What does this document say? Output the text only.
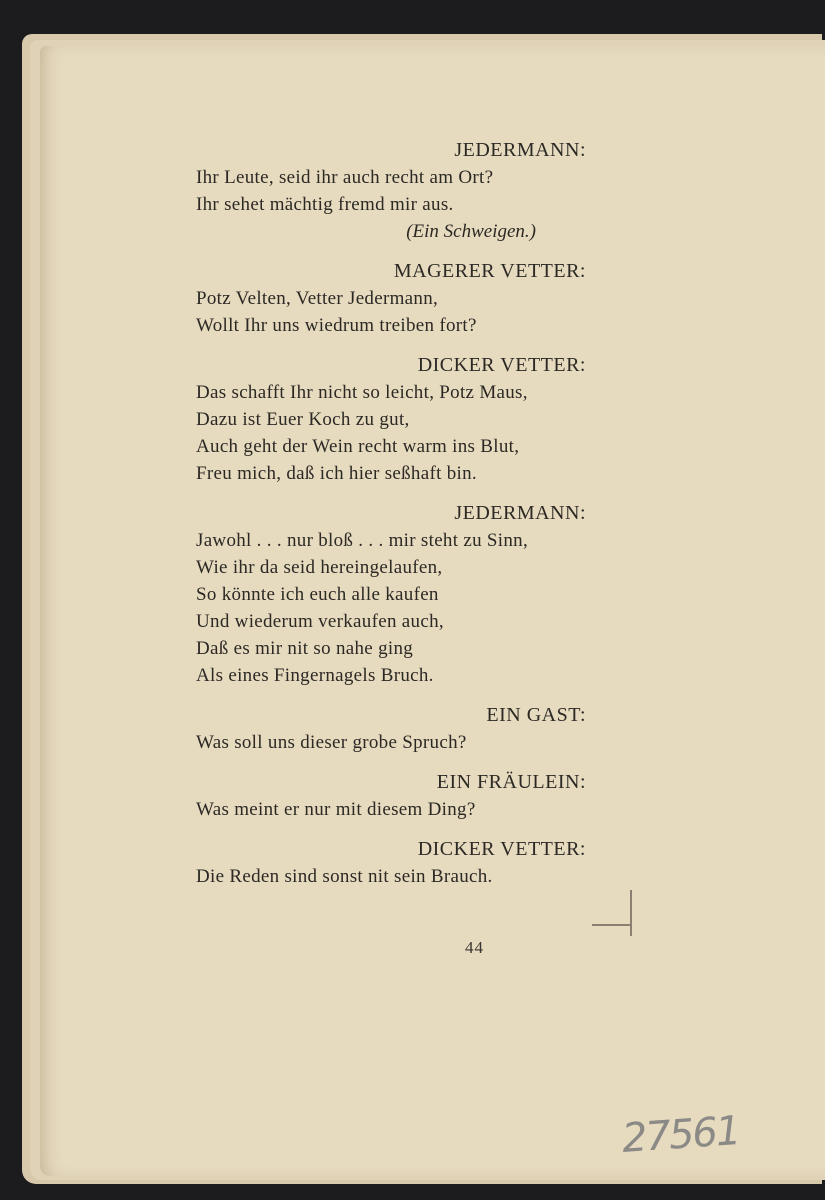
JEDERMANN:
Ihr Leute, seid ihr auch recht am Ort?
Ihr sehet mächtig fremd mir aus.
(Ein Schweigen.)
MAGERER VETTER:
Potz Velten, Vetter Jedermann,
Wollt Ihr uns wiedrum treiben fort?
DICKER VETTER:
Das schafft Ihr nicht so leicht, Potz Maus,
Dazu ist Euer Koch zu gut,
Auch geht der Wein recht warm ins Blut,
Freu mich, daß ich hier seßhaft bin.
JEDERMANN:
Jawohl . . . nur bloß . . . mir steht zu Sinn,
Wie ihr da seid hereingelaufen,
So könnte ich euch alle kaufen
Und wiederum verkaufen auch,
Daß es mir nit so nahe ging
Als eines Fingernagels Bruch.
EIN GAST:
Was soll uns dieser grobe Spruch?
EIN FRÄULEIN:
Was meint er nur mit diesem Ding?
DICKER VETTER:
Die Reden sind sonst nit sein Brauch.
44
27561
